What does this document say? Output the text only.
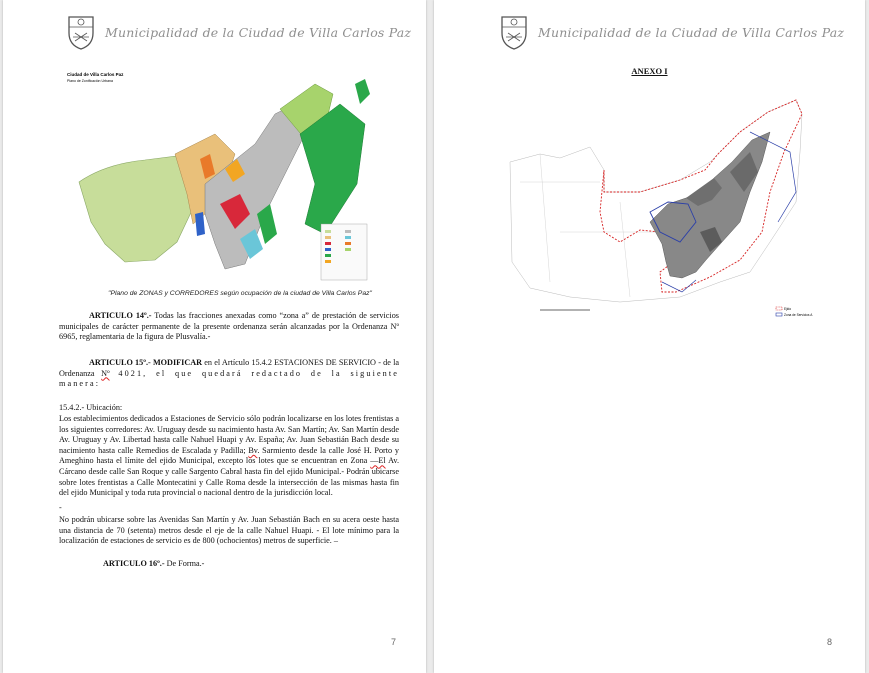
Municipalidad de la Ciudad de Villa Carlos Paz
Ciudad de Villa Carlos Paz
Plano de Zonificación Urbana
"Plano de ZONAS y CORREDORES según ocupación de la ciudad de Villa Carlos Paz"
ARTICULO 14º.- Todas las fracciones anexadas como “zona a” de prestación de servicios municipales de carácter permanente de la presente ordenanza serán alcanzadas por la Ordenanza Nº 6965, reglamentaria de la figura de Plusvalía.-
ARTICULO 15º.- MODIFICAR en el Artículo 15.4.2 ESTACIONES DE SERVICIO - de la Ordenanza Nº 4021, el que quedará redactado de la siguiente manera:
15.4.2.- Ubicación:
Los establecimientos dedicados a Estaciones de Servicio sólo podrán localizarse en los lotes frentistas a los siguientes corredores: Av. Uruguay desde su nacimiento hasta Av. San Martín; Av. San Martín desde Av. Uruguay y Av. Libertad hasta calle Nahuel Huapi y Av. España; Av. Juan Sebastián Bach desde su nacimiento hasta calle Remedios de Escalada y Padilla; Bv. Sarmiento desde la calle José H. Porto y Ameghino hasta el límite del ejido Municipal, excepto los lotes que se encuentran en Zona —El Av. Cárcano desde calle San Roque y calle Sargento Cabral hasta fin del ejido Municipal.- Podrán ubicarse sobre lotes frentistas a Calle Montecatini y Calle Roma desde la intersección de las mismas hasta fin del ejido Municipal y toda ruta provincial o nacional dentro de la jurisdicción local.
-
No podrán ubicarse sobre las Avenidas San Martín y Av. Juan Sebastián Bach en su acera oeste hasta una distancia de 70 (setenta) metros desde el eje de la calle Nahuel Huapi. - El lote mínimo para la localización de estaciones de servicio es de 800 (ochocientos) metros de superficie. –
ARTICULO 16º.- De Forma.-
7
Municipalidad de la Ciudad de Villa Carlos Paz
ANEXO I
Ejido
Zona de Servicios A
8
